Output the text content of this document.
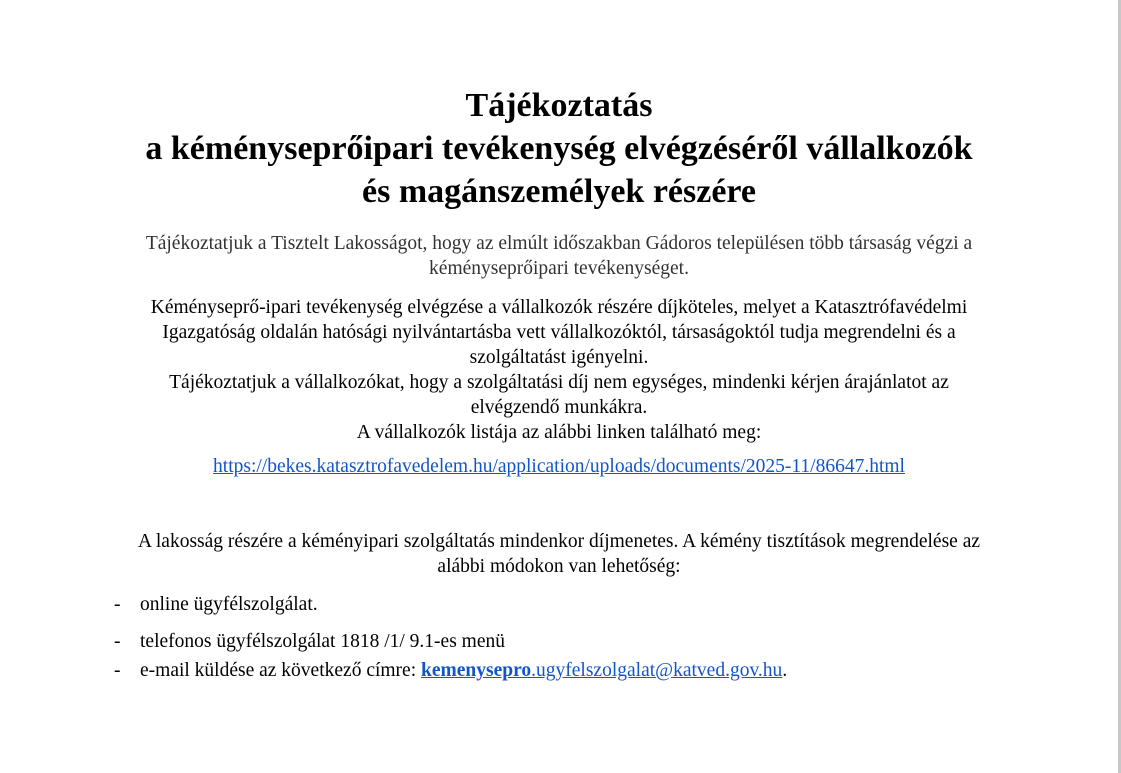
Tájékoztatás
a kéményseprőipari tevékenység elvégzéséről vállalkozók
és magánszemélyek részére

Tájékoztatjuk a Tisztelt Lakosságot, hogy az elmúlt időszakban Gádoros településen több társaság végzi a
kéményseprőipari tevékenységet.

Kéményseprő-ipari tevékenység elvégzése a vállalkozók részére díjköteles, melyet a Katasztrófavédelmi
Igazgatóság oldalán hatósági nyilvántartásba vett vállalkozóktól, társaságoktól tudja megrendelni és a
szolgáltatást igényelni.
Tájékoztatjuk a vállalkozókat, hogy a szolgáltatási díj nem egységes, mindenki kérjen árajánlatot az
elvégzendő munkákra.
A vállalkozók listája az alábbi linken található meg:

https://bekes.katasztrofavedelem.hu/application/uploads/documents/2025-11/86647.html

A lakosság részére a kéményipari szolgáltatás mindenkor díjmenetes. A kémény tisztítások megrendelése az
alábbi módokon van lehetőség:

- online ügyfélszolgálat.
- telefonos ügyfélszolgálat 1818 /1/ 9.1-es menü
- e-mail küldése az következő címre: kemenysepro.ugyfelszolgalat@katved.gov.hu.
